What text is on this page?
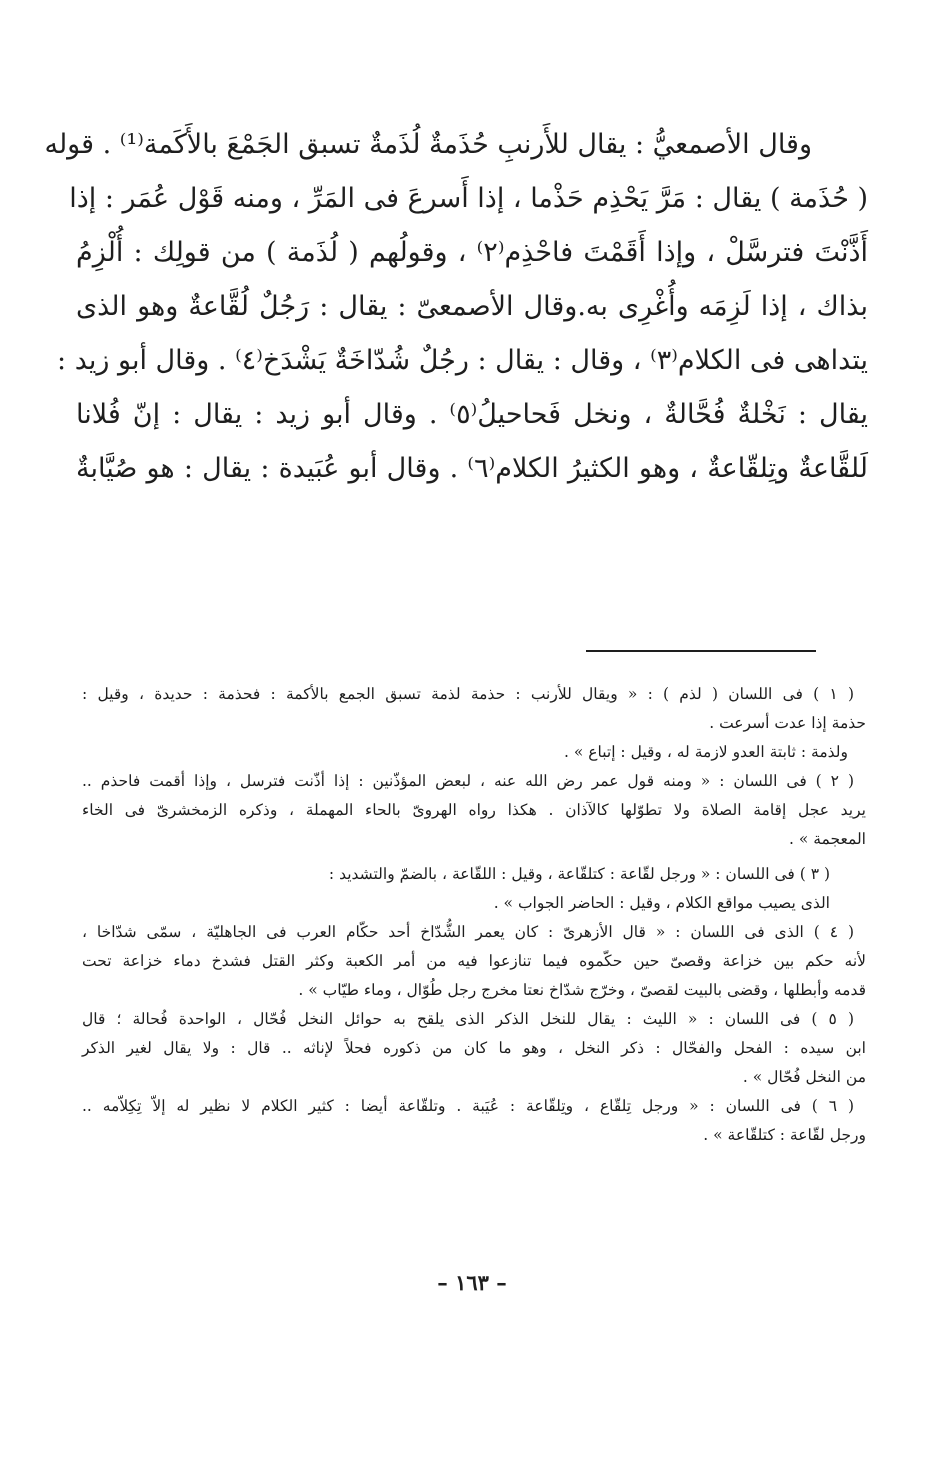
وقال الأصمعيُّ : يقال للأَرنبِ حُذَمةٌ لُذَمةٌ تسبق الجَمْعَ بالأَكَمة⁽¹⁾ . قوله
( حُذَمة ) يقال : مَرَّ يَحْذِم حَذْما ، إذا أَسرعَ فى المَرِّ ، ومنه قَوْل عُمَر : إذا
أَذَّنْتَ فترسَّلْ ، وإذا أَقَمْتَ فاحْذِم⁽٢⁾ ، وقولُهم ( لُذَمة ) من قولِك : أُلْزِمُ
بذاك ، إذا لَزِمَه وأُغْرِى به.وقال الأصمعىّ : يقال : رَجُلٌ لُقَّاعةٌ وهو الذى
يتداهى فى الكلام⁽٣⁾ ، وقال : يقال : رجُلٌ شُدّاخَةٌ يَشْدَخ⁽٤⁾ . وقال أبو زيد :
يقال : نَخْلةٌ فُحَّالةٌ ، ونخل فَحاحيلُ⁽٥⁾ . وقال أبو زيد : يقال : إنّ فُلانا
لَلقَّاعةٌ وتِلقّاعةٌ ، وهو الكثيرُ الكلام⁽٦⁾ . وقال أبو عُبَيدة : يقال : هو صُيَّابةٌ
( ١ ) فى اللسان ( لذم ) : « ويقال للأرنب : حذمة لذمة تسبق الجمع بالأكمة : فحذمة : حديدة ، وقيل :
حذمة إذا عدت أسرعت .
ولذمة : ثابتة العدو لازمة له ، وقيل : إتباع » .
( ٢ ) فى اللسان : « ومنه قول عمر رض الله عنه ، لبعض المؤذّنين : إذا أذّنت فترسل ، وإذا أقمت فاحذم ..
يريد عجل إقامة الصلاة ولا تطوّلها كالآذان . هكذا رواه الهروىّ بالحاء المهملة ، وذكره الزمخشرىّ فى الخاء
المعجمة » .
( ٣ ) فى اللسان : « ورجل لقّاعة : كتلقّاعة ، وقيل : اللقّاعة ، بالضمّ والتشديد :
الذى يصيب مواقع الكلام ، وقيل : الحاضر الجواب » .
( ٤ ) الذى فى اللسان : « قال الأزهرىّ : كان يعمر الشُّدّاخ أحد حكّام العرب فى الجاهليّة ، سمّى شدّاخا ،
لأنه حكم بين خزاعة وقصىّ حين حكّموه فيما تنازعوا فيه من أمر الكعبة وكثر القتل فشدخ دماء خزاعة تحت
قدمه وأبطلها ، وقضى بالبيت لقصىّ ، وخرّج شدّاخ نعتا مخرج رجل طُوّال ، وماء طيّاب » .
( ٥ ) فى اللسان : « الليث : يقال للنخل الذكر الذى يلقح به حوائل النخل فُحّال ، الواحدة فُحالة ؛ قال
ابن سيده : الفحل والفحّال : ذكر النخل ، وهو ما كان من ذكوره فحلاً لإناثه .. قال : ولا يقال لغير الذكر
من النخل فُحّال » .
( ٦ ) فى اللسان : « ورجل تِلقّاع ، وتِلقّاعة : عُيَبة . وتلقّاعة أيضا : كثير الكلام لا نظير له إلاّ تِكِلاّمه ..
ورجل لقّاعة : كتلقّاعة » .
– ١٦٣ –
